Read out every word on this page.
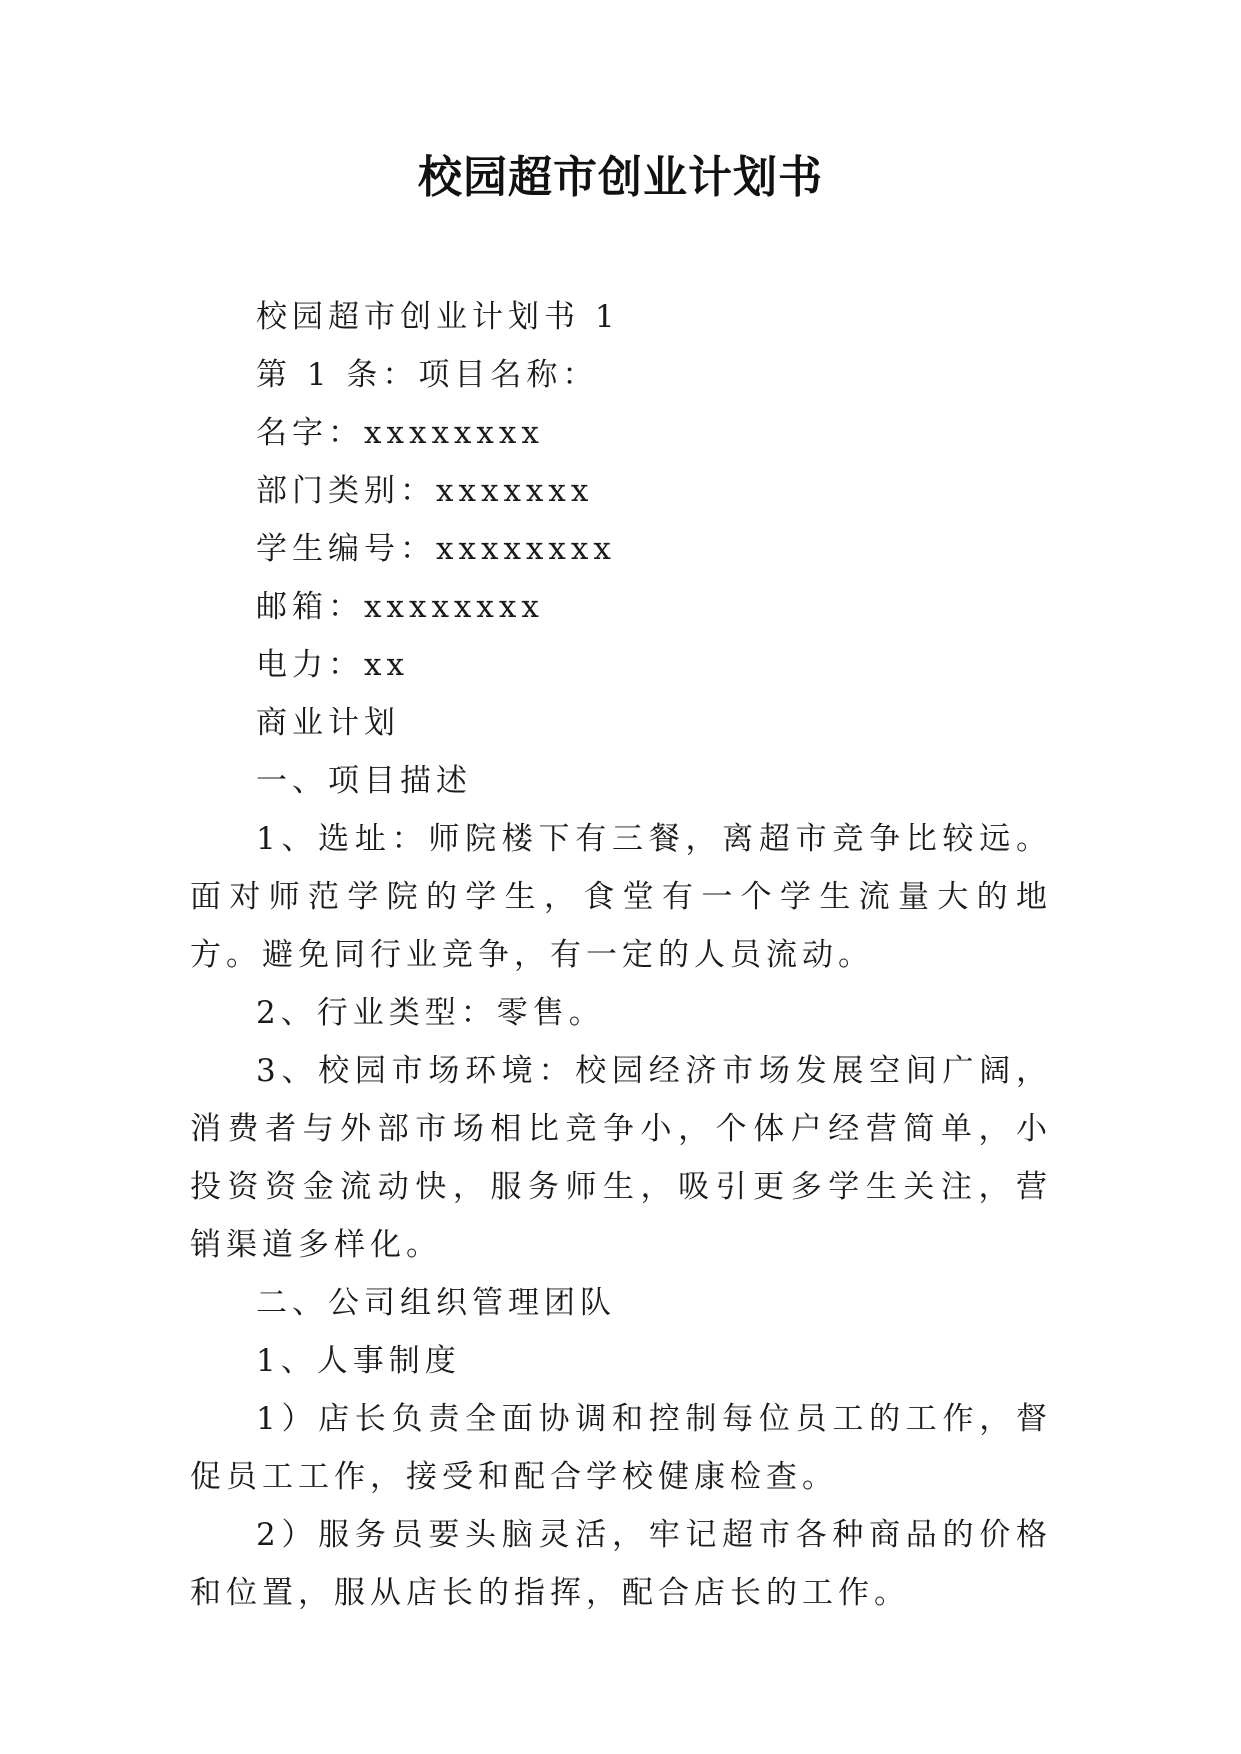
校园超市创业计划书

校园超市创业计划书 1

第 1 条：项目名称：

名字：xxxxxxxx

部门类别：xxxxxxx

学生编号：xxxxxxxx

邮箱：xxxxxxxx

电力：xx

商业计划

一、项目描述

1、选址：师院楼下有三餐，离超市竞争比较远。面对师范学院的学生，食堂有一个学生流量大的地方。避免同行业竞争，有一定的人员流动。

2、行业类型：零售。

3、校园市场环境：校园经济市场发展空间广阔，消费者与外部市场相比竞争小，个体户经营简单，小投资资金流动快，服务师生，吸引更多学生关注，营销渠道多样化。

二、公司组织管理团队

1、人事制度

1）店长负责全面协调和控制每位员工的工作，督促员工工作，接受和配合学校健康检查。

2）服务员要头脑灵活，牢记超市各种商品的价格和位置，服从店长的指挥，配合店长的工作。
